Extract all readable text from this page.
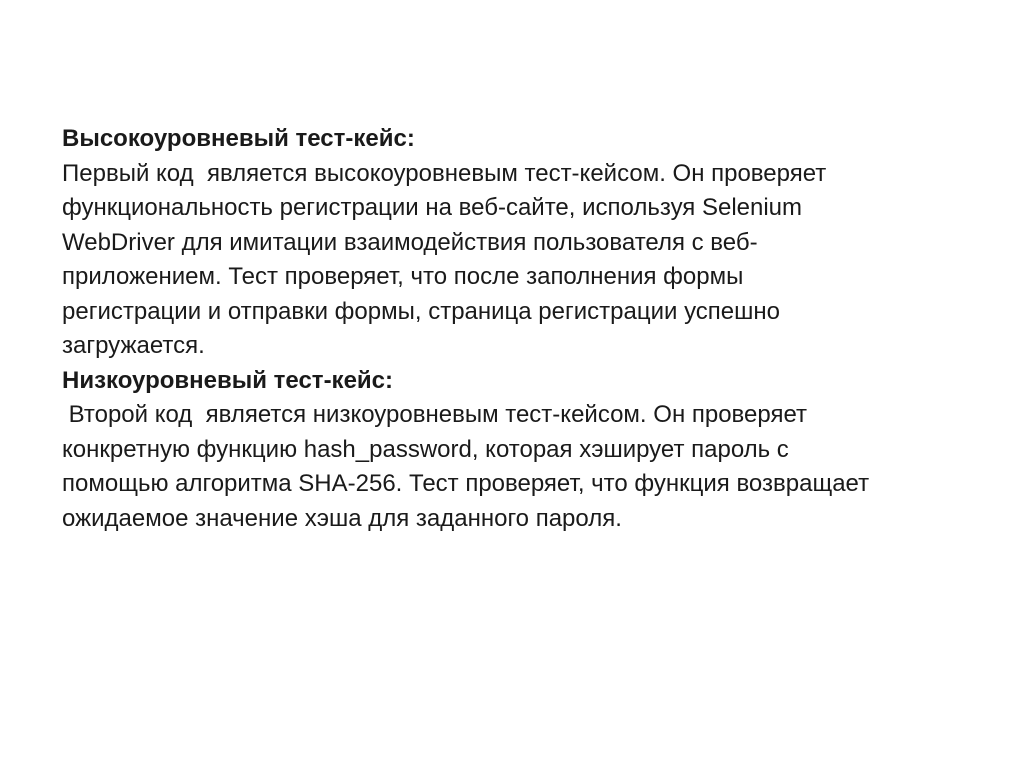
Высокоуровневый тест-кейс:
Первый код  является высокоуровневым тест-кейсом. Он проверяет
функциональность регистрации на веб-сайте, используя Selenium
WebDriver для имитации взаимодействия пользователя с веб-
приложением. Тест проверяет, что после заполнения формы
регистрации и отправки формы, страница регистрации успешно
загружается.
Низкоуровневый тест-кейс:
Второй код  является низкоуровневым тест-кейсом. Он проверяет
конкретную функцию hash_password, которая хэширует пароль с
помощью алгоритма SHA-256. Тест проверяет, что функция возвращает
ожидаемое значение хэша для заданного пароля.
